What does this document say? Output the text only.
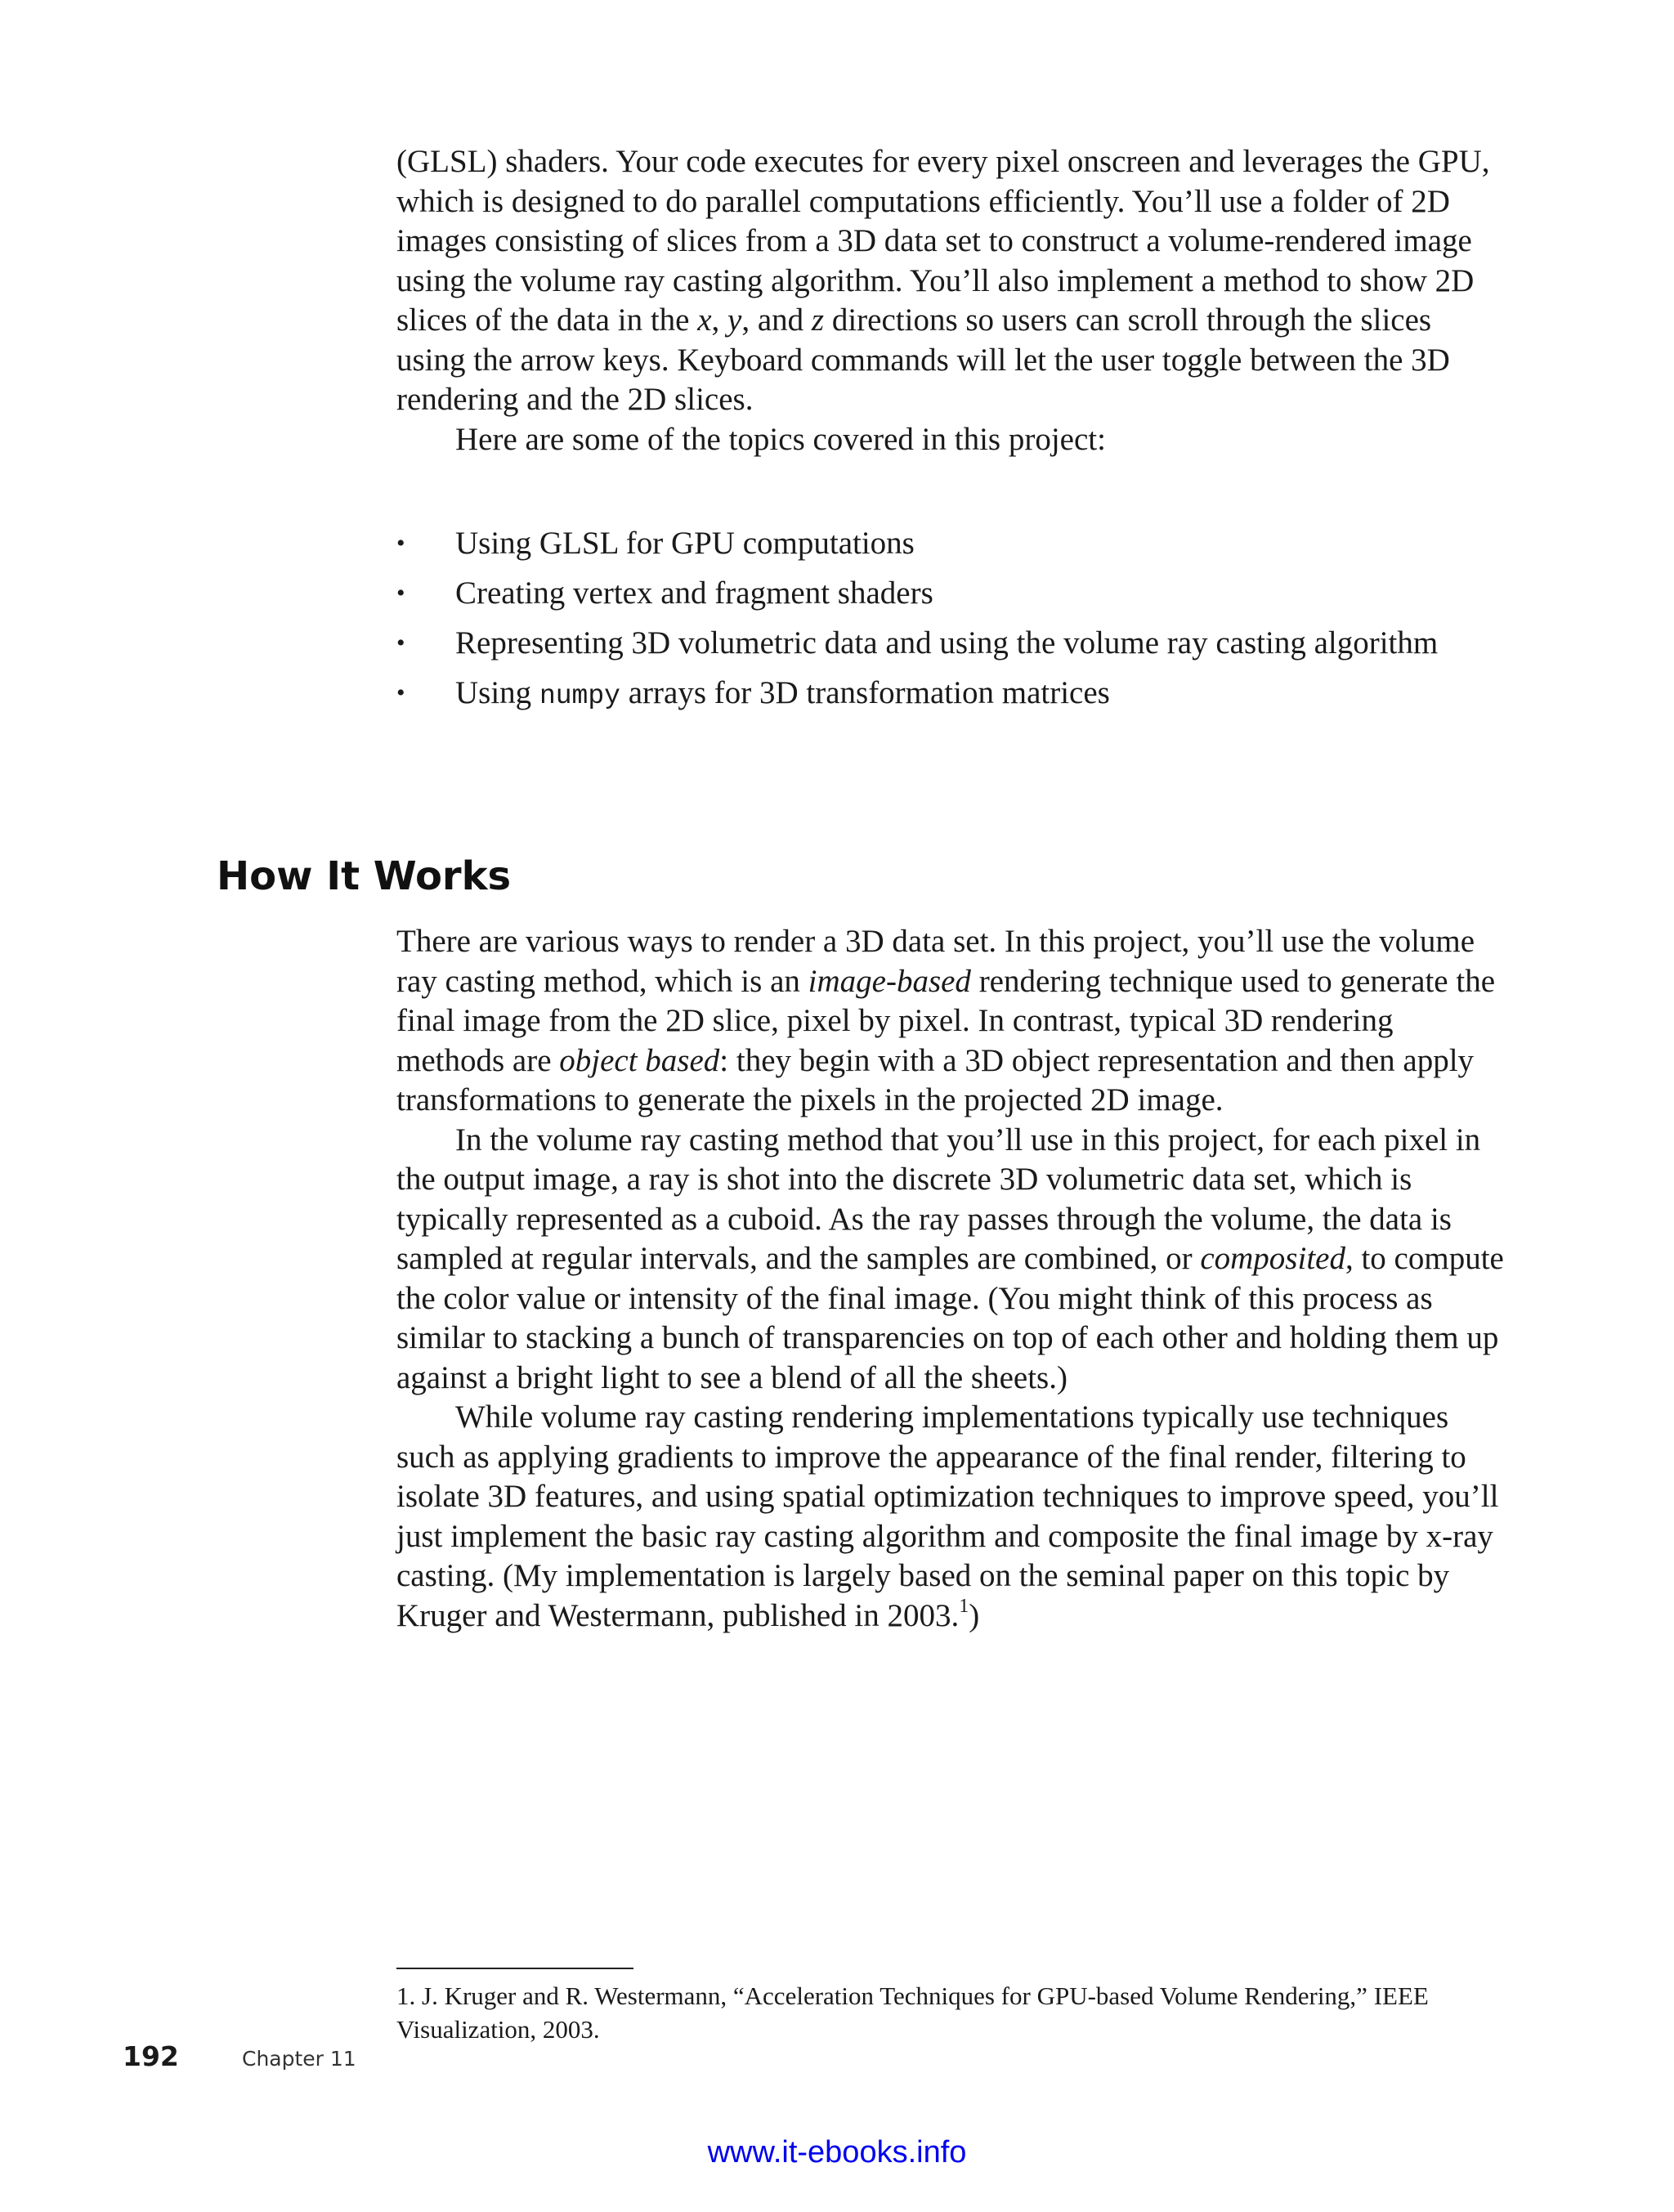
(GLSL) shaders. Your code executes for every pixel onscreen and leverages the GPU, which is designed to do parallel computations efficiently. You’ll use a folder of 2D images consisting of slices from a 3D data set to construct a volume-rendered image using the volume ray casting algorithm. You’ll also implement a method to show 2D slices of the data in the x, y, and z directions so users can scroll through the slices using the arrow keys. Keyboard commands will let the user toggle between the 3D rendering and the 2D slices.

Here are some of the topics covered in this project:

•	Using GLSL for GPU computations
•	Creating vertex and fragment shaders
•	Representing 3D volumetric data and using the volume ray casting algorithm
•	Using numpy arrays for 3D transformation matrices
How It Works

There are various ways to render a 3D data set. In this project, you’ll use the volume ray casting method, which is an image-based rendering technique used to generate the final image from the 2D slice, pixel by pixel. In contrast, typical 3D rendering methods are object based: they begin with a 3D object representation and then apply transformations to generate the pixels in the projected 2D image.

In the volume ray casting method that you’ll use in this project, for each pixel in the output image, a ray is shot into the discrete 3D volumetric data set, which is typically represented as a cuboid. As the ray passes through the volume, the data is sampled at regular intervals, and the samples are combined, or composited, to compute the color value or intensity of the final image. (You might think of this process as similar to stacking a bunch of transparencies on top of each other and holding them up against a bright light to see a blend of all the sheets.)

While volume ray casting rendering implementations typically use techniques such as applying gradients to improve the appearance of the final render, filtering to isolate 3D features, and using spatial optimization techniques to improve speed, you’ll just implement the basic ray casting algorithm and composite the final image by x-ray casting. (My implementation is largely based on the seminal paper on this topic by Kruger and Westermann, published in 2003.$^1$)

1. J. Kruger and R. Westermann, “Acceleration Techniques for GPU-based Volume Rendering,” IEEE Visualization, 2003.
192	Chapter 11
www.it-ebooks.info
